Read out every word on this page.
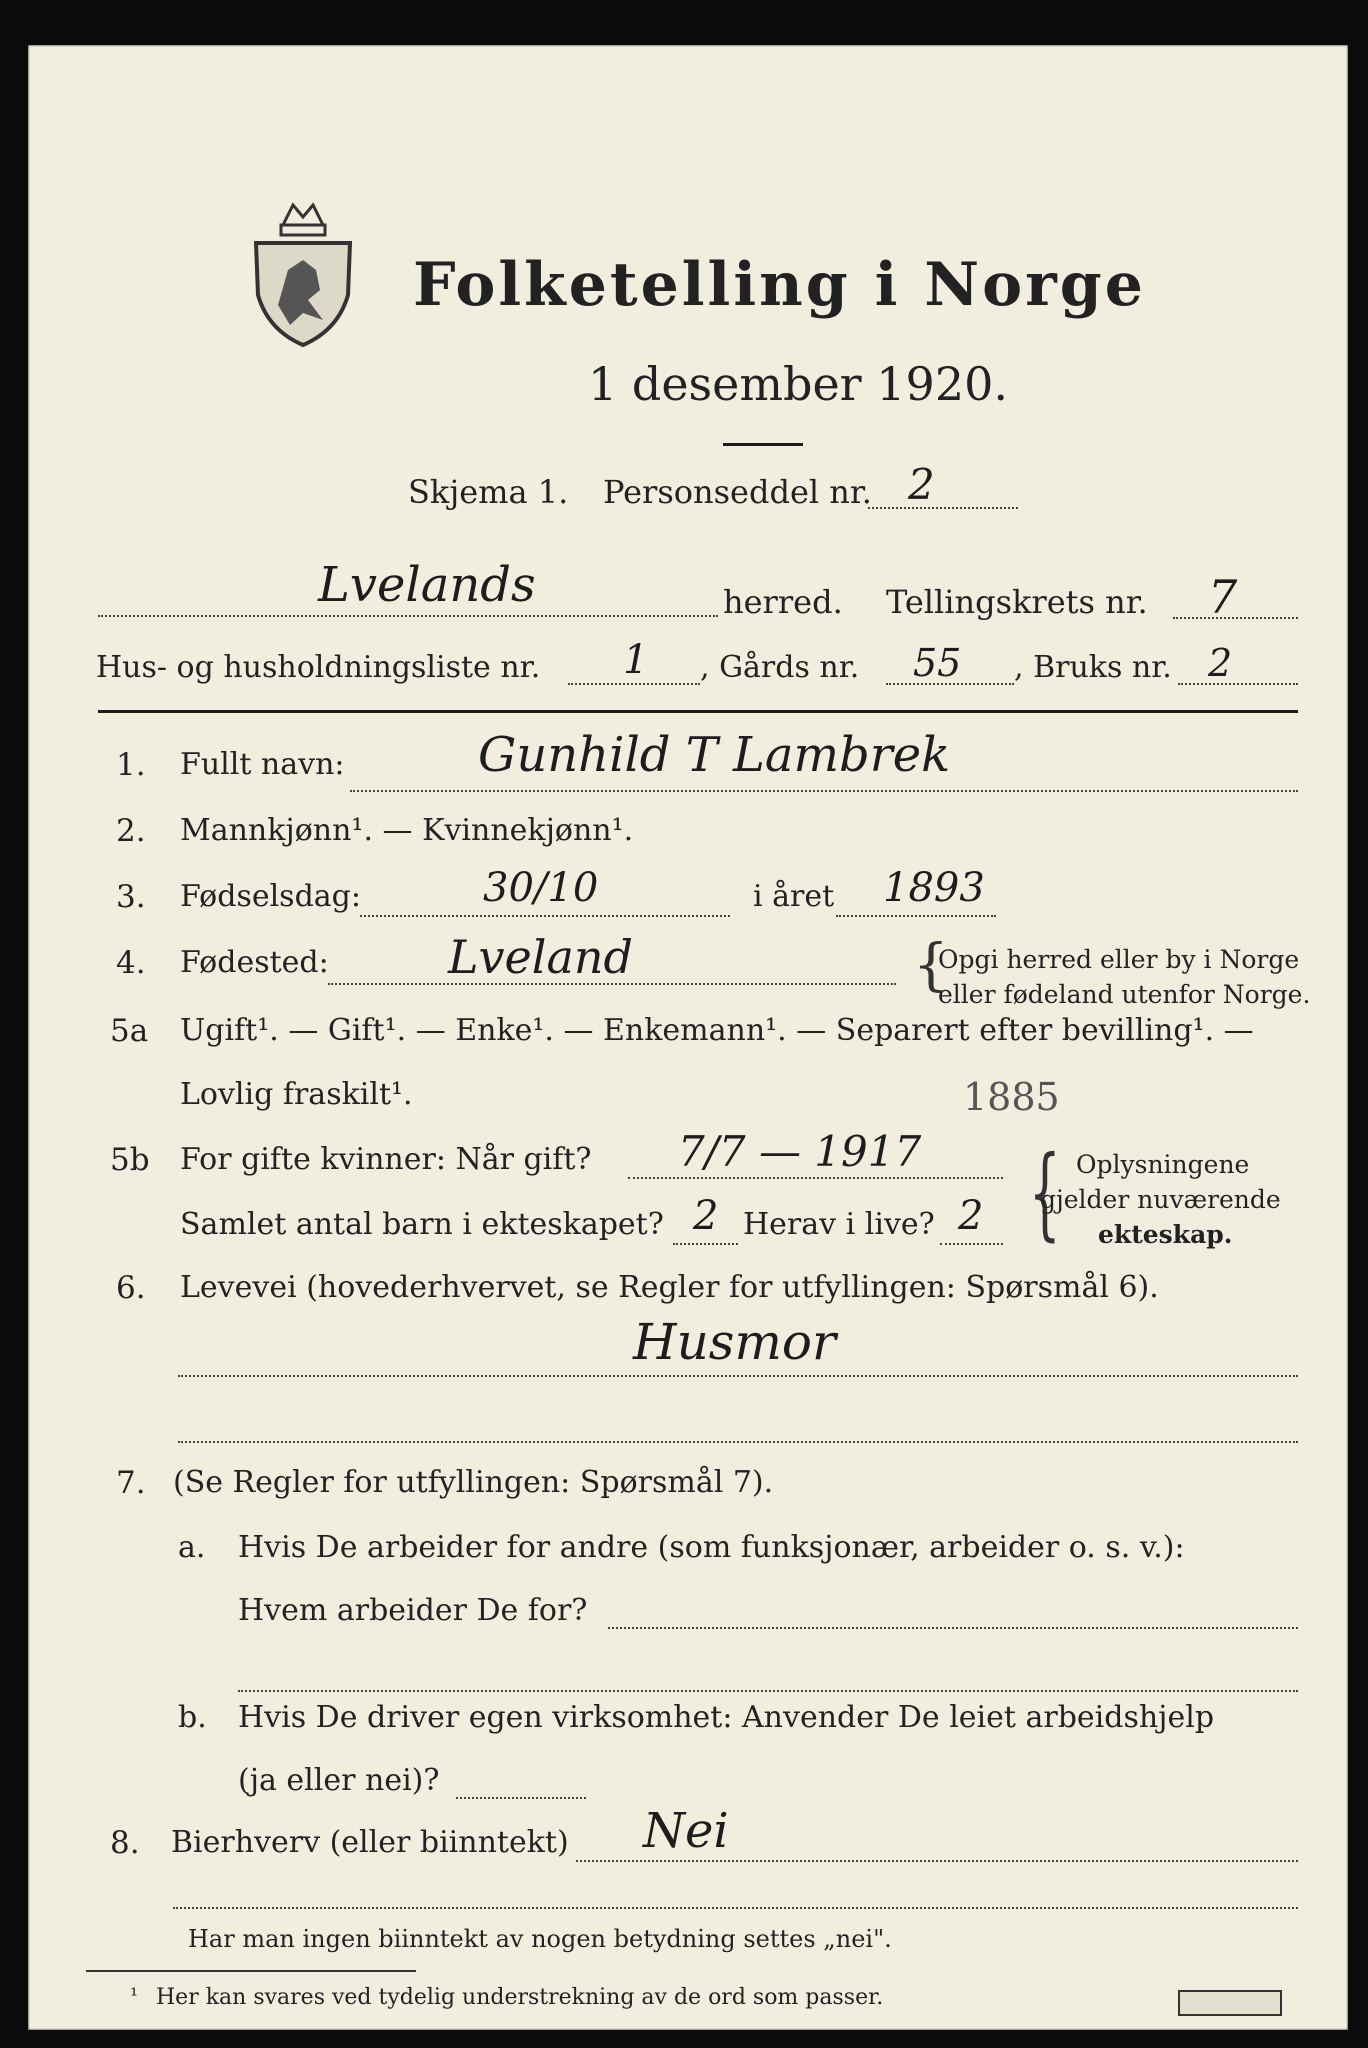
Folketelling i Norge
1 desember 1920.
Skjema 1. Personseddel nr. 2
Lvelands	herred. Tellingskrets nr. 7
Hus- og husholdningsliste nr. 1 , Gårds nr. 55 , Bruks nr. 2
1. Fullt navn:	Gunhild T Lambrek
2. Mannkjønn¹. — Kvinnekjønn¹.
3. Fødselsdag:	30/10	i året 1893
4. Fødested:	Lveland	{
Opgi herred eller by i Norge
eller fødeland utenfor Norge.
5a Ugift¹. — Gift¹. — Enke¹. — Enkemann¹. — Separert efter bevilling¹. —
Lovlig fraskilt¹.	1885
5b For gifte kvinner: Når gift? 7/7 — 1917
Samlet antal barn i ekteskapet? 2 Herav i live? 2 { Oplysningene
gjelder nuværende
ekteskap.
6. Levevei (hovederhvervet, se Regler for utfyllingen: Spørsmål 6).
Husmor
7. (Se Regler for utfyllingen: Spørsmål 7).
a. Hvis De arbeider for andre (som funksjonær, arbeider o. s. v.):
Hvem arbeider De for?
b. Hvis De driver egen virksomhet: Anvender De leiet arbeidshjelp
(ja eller nei)?
8. Bierhverv (eller biinntekt) Nei
Har man ingen biinntekt av nogen betydning settes „nei".
¹ Her kan svares ved tydelig understrekning av de ord som passer.
